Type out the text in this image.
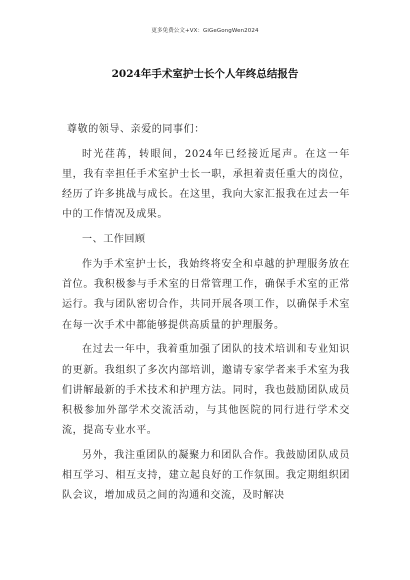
更多免费公文+VX：GiGeGongWen2024
2024年手术室护士长个人年终总结报告

尊敬的领导、亲爱的同事们：

时光荏苒，转眼间，2024年已经接近尾声。在这一年里，我有幸担任手术室护士长一职，承担着责任重大的岗位，经历了许多挑战与成长。在这里，我向大家汇报我在过去一年中的工作情况及成果。

一、工作回顾

作为手术室护士长，我始终将安全和卓越的护理服务放在首位。我积极参与手术室的日常管理工作，确保手术室的正常运行。我与团队密切合作，共同开展各项工作，以确保手术室在每一次手术中都能够提供高质量的护理服务。

在过去一年中，我着重加强了团队的技术培训和专业知识的更新。我组织了多次内部培训，邀请专家学者来手术室为我们讲解最新的手术技术和护理方法。同时，我也鼓励团队成员积极参加外部学术交流活动，与其他医院的同行进行学术交流，提高专业水平。

另外，我注重团队的凝聚力和团队合作。我鼓励团队成员相互学习、相互支持，建立起良好的工作氛围。我定期组织团队会议，增加成员之间的沟通和交流，及时解决
